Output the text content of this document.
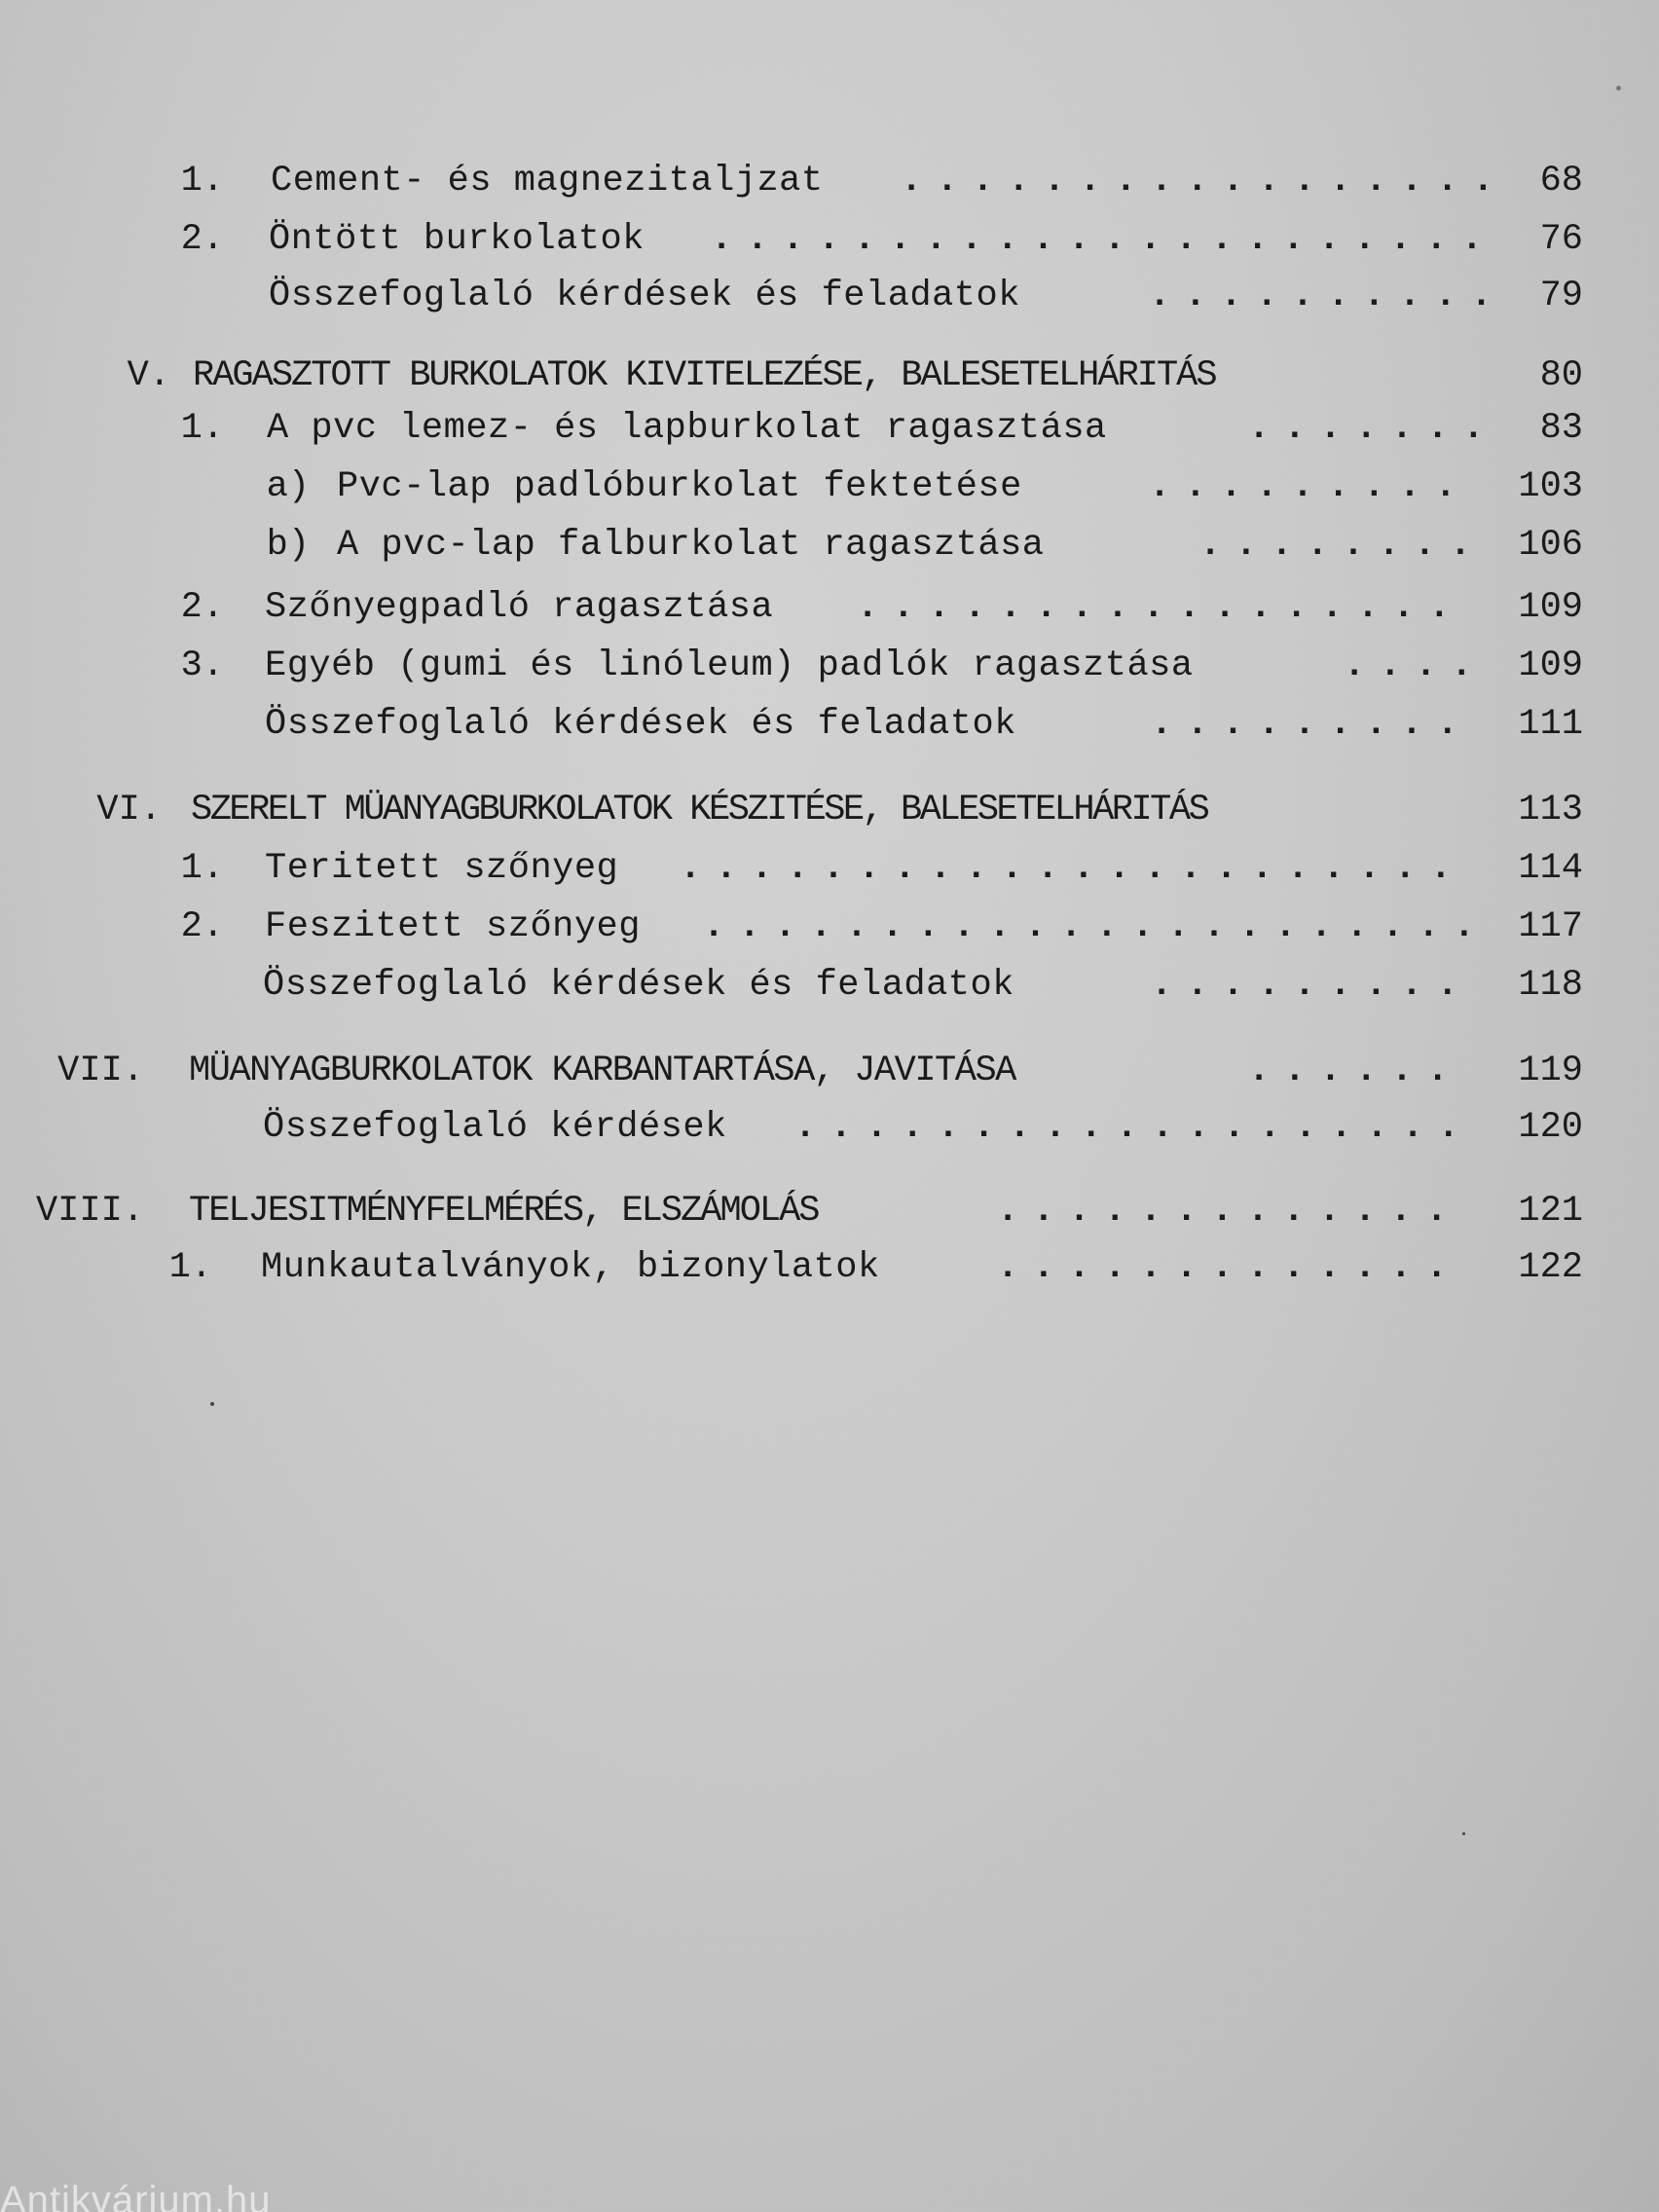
1. Cement- és magnezitaljzat ................. 68
2. Öntött burkolatok ...................... 76
Összefoglaló kérdések és feladatok	.......... 79
V. RAGASZTOTT BURKOLATOK KIVITELEZÉSE, BALESETELHÁRITÁS	80
1. A pvc lemez- és lapburkolat ragasztása	....... 83
a) Pvc-lap padlóburkolat fektetése	......... 103
b) A pvc-lap falburkolat ragasztása	........ 106
2. Szőnyegpadló ragasztása ................. 109
3. Egyéb (gumi és linóleum) padlók ragasztása	.... 109
Összefoglaló kérdések és feladatok	......... 111
VI. SZERELT MÜANYAGBURKOLATOK KÉSZITÉSE, BALESETELHÁRITÁS	113
1. Teritett szőnyeg ...................... 114
2. Feszitett szőnyeg ...................... 117
Összefoglaló kérdések és feladatok	......... 118
VII. MÜANYAGBURKOLATOK KARBANTARTÁSA, JAVITÁSA	...... 119
Összefoglaló kérdések ................... 120
VIII. TELJESITMÉNYFELMÉRÉS, ELSZÁMOLÁS	............. 121
1. Munkautalványok, bizonylatok	............. 122
Antikvárium.hu
